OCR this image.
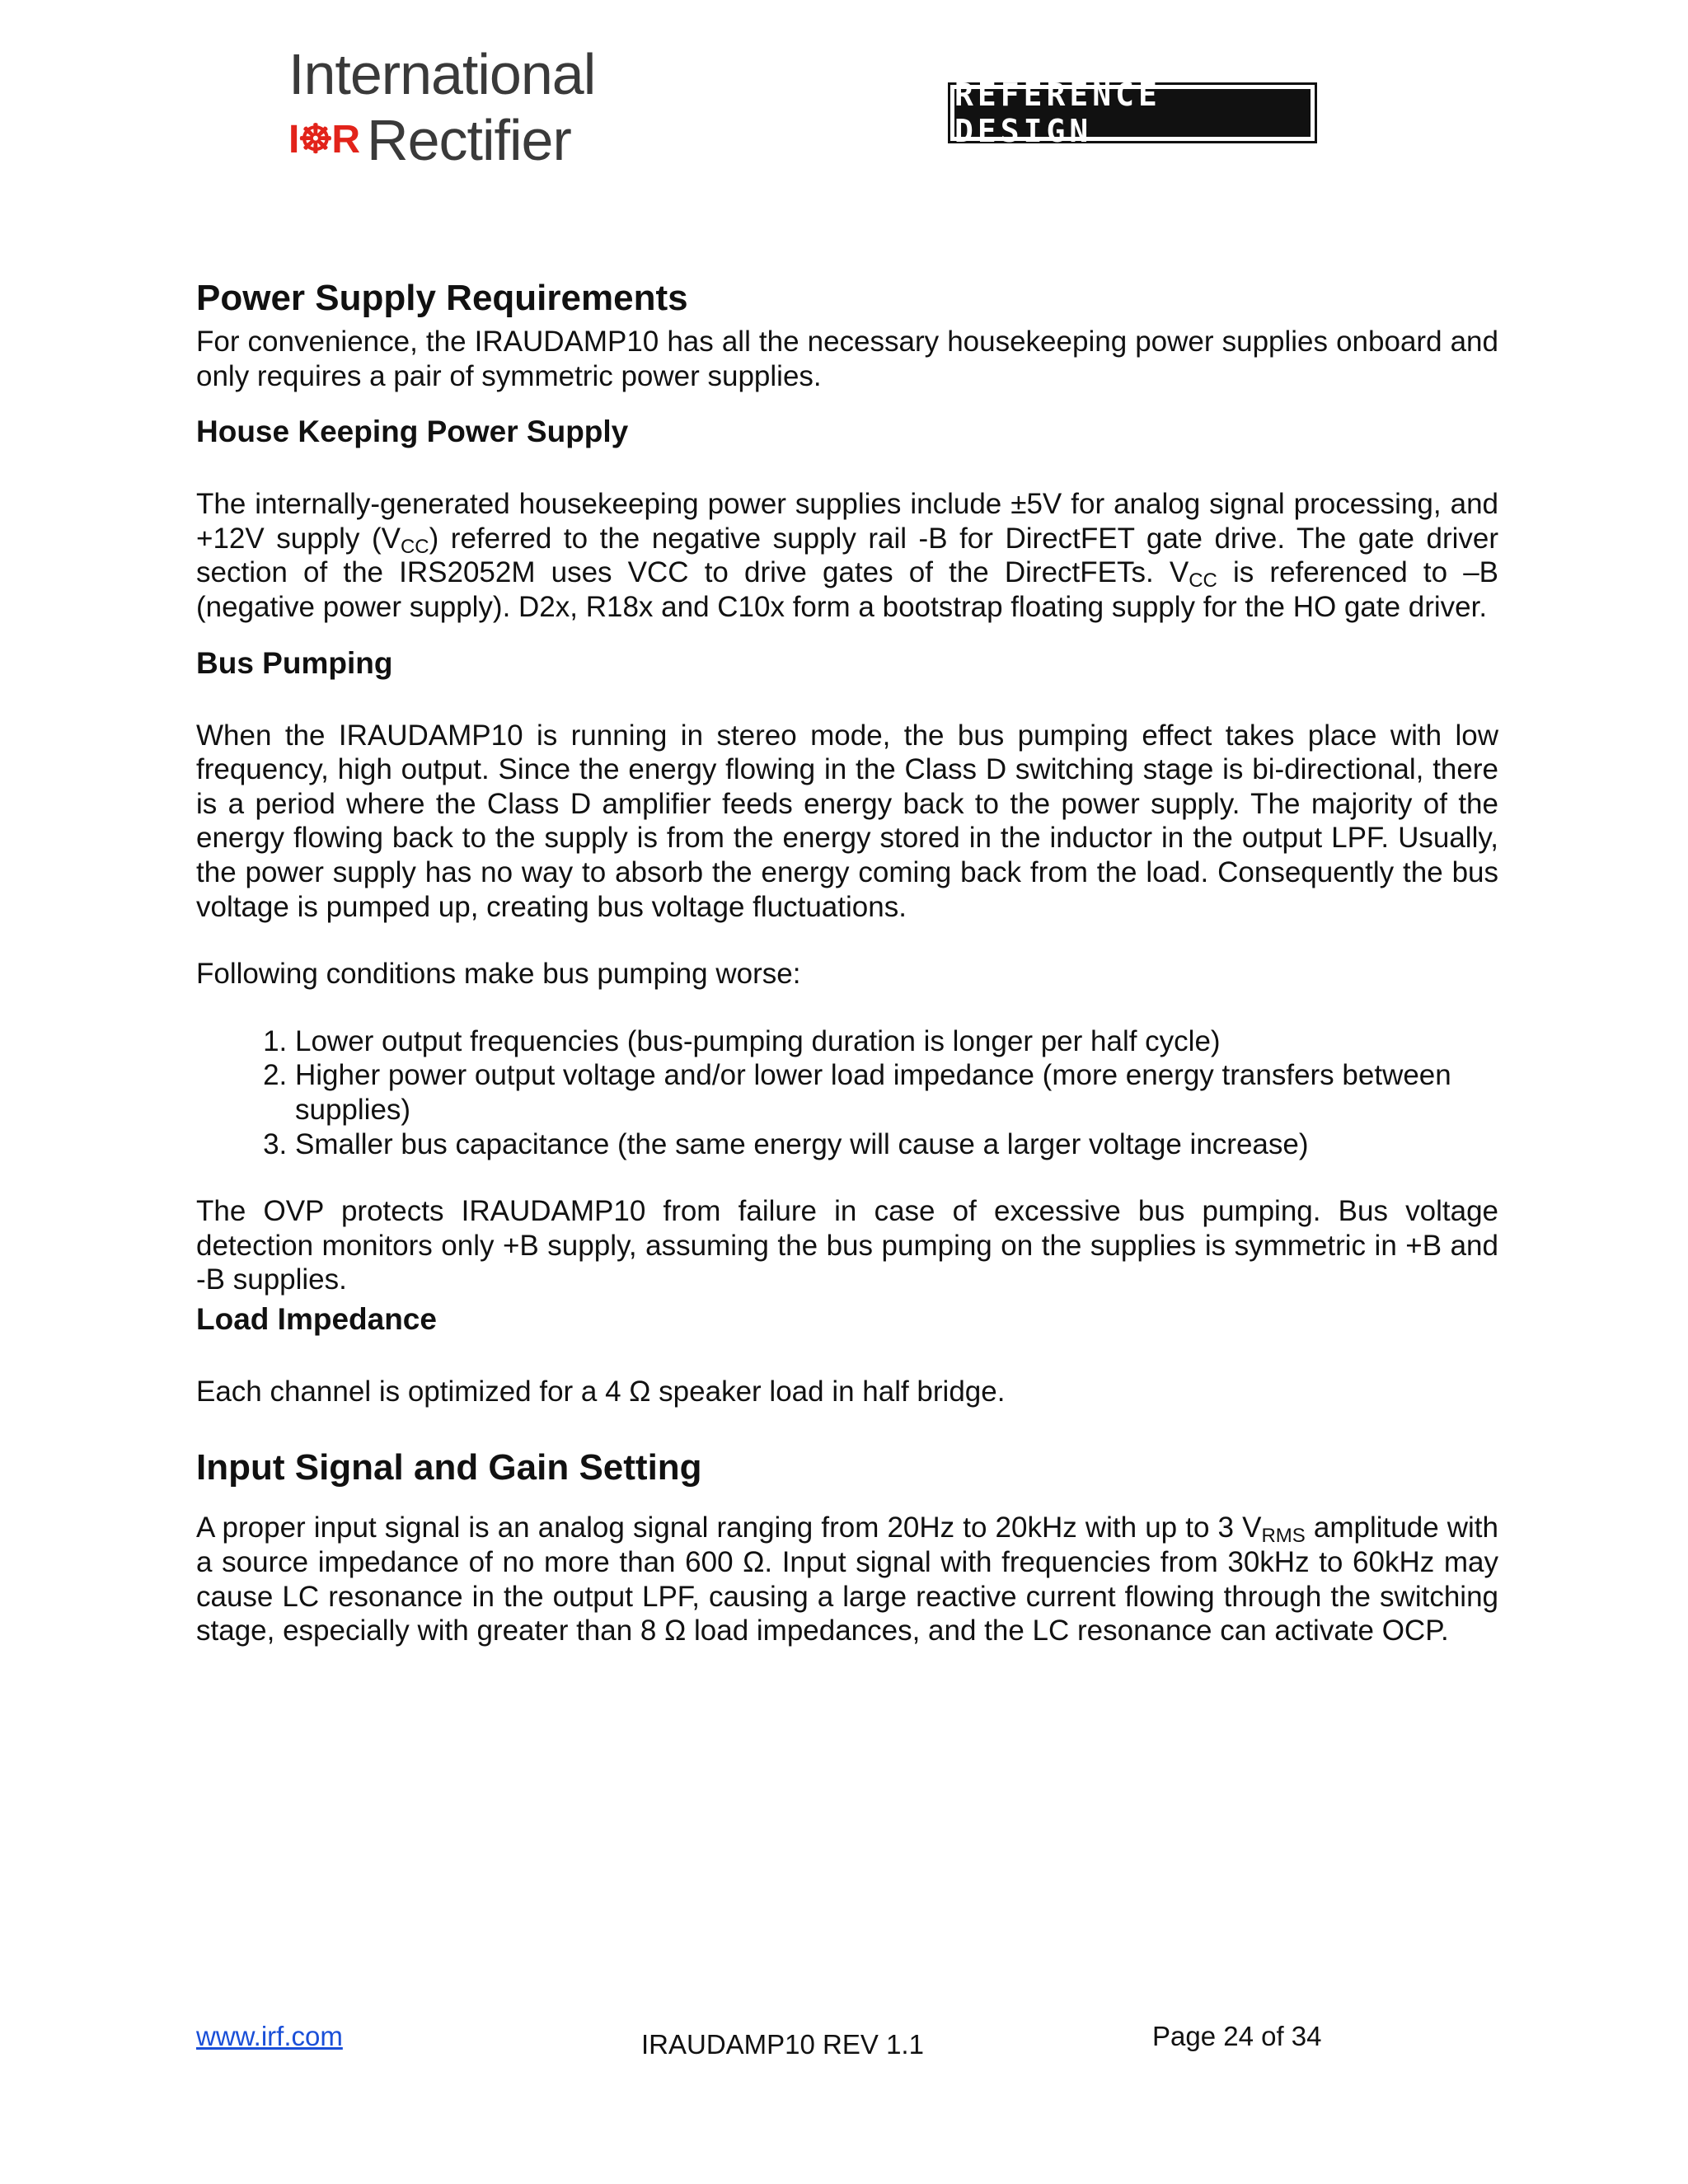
International
I☸R Rectifier
REFERENCE DESIGN
Power Supply Requirements

For convenience, the IRAUDAMP10 has all the necessary housekeeping power supplies onboard and only requires a pair of symmetric power supplies.

House Keeping Power Supply

The internally-generated housekeeping power supplies include ±5V for analog signal processing, and +12V supply $(V_{CC})$ referred to the negative supply rail -B for DirectFET gate drive. The gate driver section of the IRS2052M uses VCC to drive gates of the DirectFETs. $V_{CC}$ is referenced to –B (negative power supply). D2x, R18x and C10x form a bootstrap floating supply for the HO gate driver.

Bus Pumping

When the IRAUDAMP10 is running in stereo mode, the bus pumping effect takes place with low frequency, high output. Since the energy flowing in the Class D switching stage is bi-directional, there is a period where the Class D amplifier feeds energy back to the power supply. The majority of the energy flowing back to the supply is from the energy stored in the inductor in the output LPF. Usually, the power supply has no way to absorb the energy coming back from the load. Consequently the bus voltage is pumped up, creating bus voltage fluctuations.

Following conditions make bus pumping worse:

1. Lower output frequencies (bus-pumping duration is longer per half cycle)
2. Higher power output voltage and/or lower load impedance (more energy transfers between supplies)
3. Smaller bus capacitance (the same energy will cause a larger voltage increase)

The OVP protects IRAUDAMP10 from failure in case of excessive bus pumping. Bus voltage detection monitors only +B supply, assuming the bus pumping on the supplies is symmetric in +B and -B supplies.

Load Impedance

Each channel is optimized for a 4 Ω speaker load in half bridge.

Input Signal and Gain Setting

A proper input signal is an analog signal ranging from 20Hz to 20kHz with up to 3 $V_{RMS}$ amplitude with a source impedance of no more than 600 Ω. Input signal with frequencies from 30kHz to 60kHz may cause LC resonance in the output LPF, causing a large reactive current flowing through the switching stage, especially with greater than 8 Ω load impedances, and the LC resonance can activate OCP.

www.irf.com	IRAUDAMP10 REV 1.1	Page 24 of 34
